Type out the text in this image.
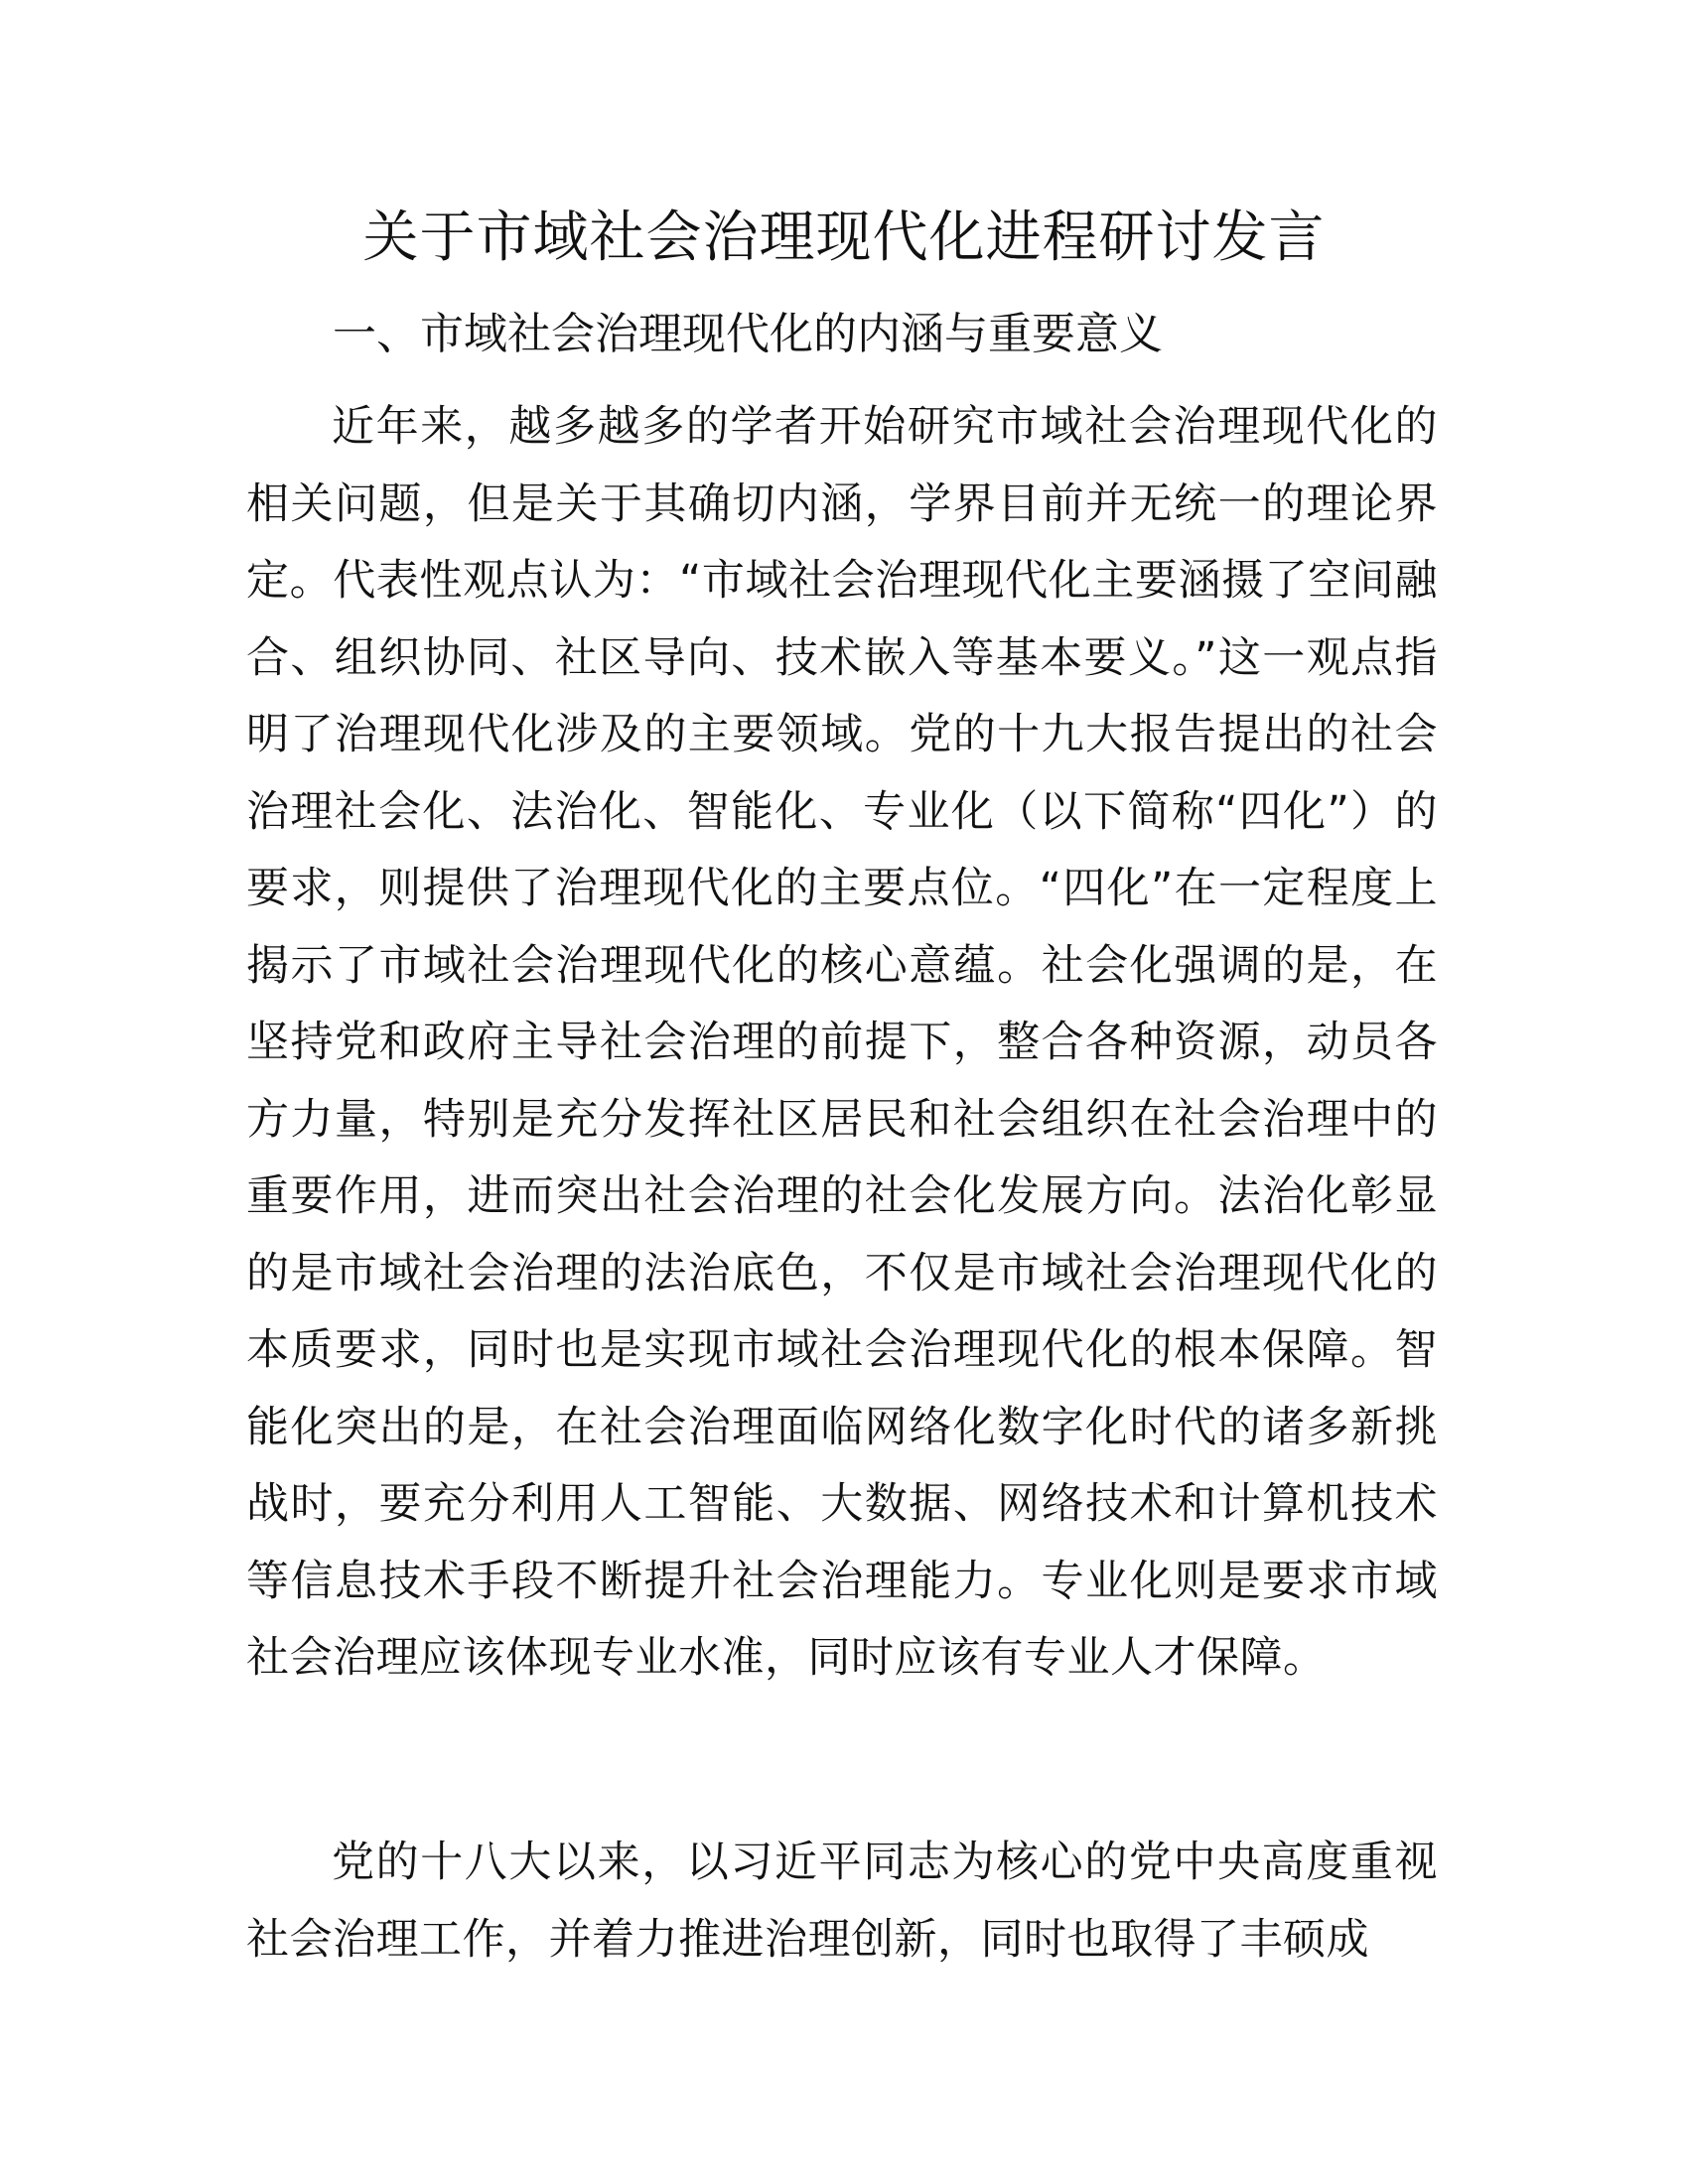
关于市域社会治理现代化进程研讨发言
一、市域社会治理现代化的内涵与重要意义

近年来，越多越多的学者开始研究市域社会治理现代化的相关问题，但是关于其确切内涵，学界目前并无统一的理论界定。代表性观点认为：“市域社会治理现代化主要涵摄了空间融合、组织协同、社区导向、技术嵌入等基本要义。”这一观点指明了治理现代化涉及的主要领域。党的十九大报告提出的社会治理社会化、法治化、智能化、专业化（以下简称“四化”）的要求，则提供了治理现代化的主要点位。“四化”在一定程度上揭示了市域社会治理现代化的核心意蕴。社会化强调的是，在坚持党和政府主导社会治理的前提下，整合各种资源，动员各方力量，特别是充分发挥社区居民和社会组织在社会治理中的重要作用，进而突出社会治理的社会化发展方向。法治化彰显的是市域社会治理的法治底色，不仅是市域社会治理现代化的本质要求，同时也是实现市域社会治理现代化的根本保障。智能化突出的是，在社会治理面临网络化数字化时代的诸多新挑战时，要充分利用人工智能、大数据、网络技术和计算机技术等信息技术手段不断提升社会治理能力。专业化则是要求市域社会治理应该体现专业水准，同时应该有专业人才保障。

党的十八大以来，以习近平同志为核心的党中央高度重视社会治理工作，并着力推进治理创新，同时也取得了丰硕成
